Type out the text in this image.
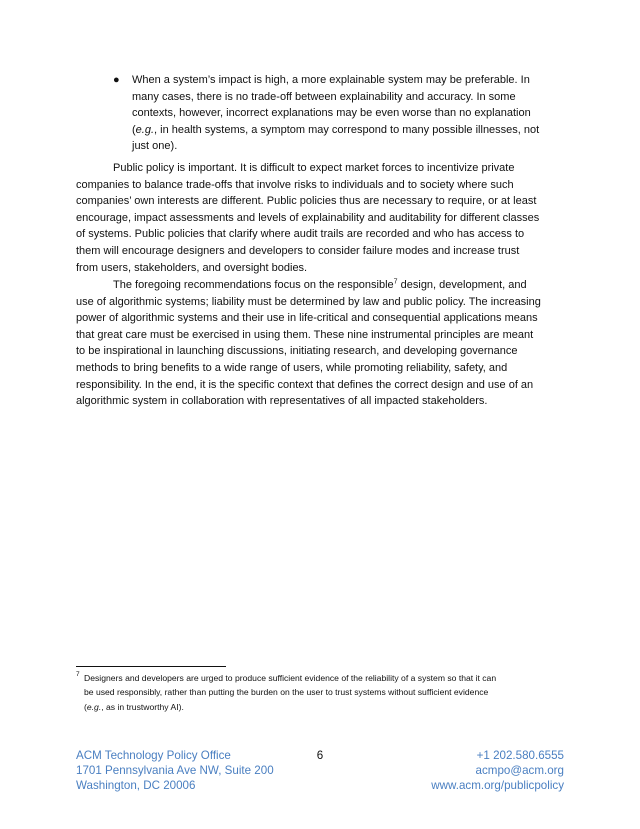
● When a system’s impact is high, a more explainable system may be preferable. In
many cases, there is no trade-off between explainability and accuracy. In some
contexts, however, incorrect explanations may be even worse than no explanation
(e.g., in health systems, a symptom may correspond to many possible illnesses, not
just one).

Public policy is important. It is difficult to expect market forces to incentivize private
companies to balance trade-offs that involve risks to individuals and to society where such
companies’ own interests are different. Public policies thus are necessary to require, or at least
encourage, impact assessments and levels of explainability and auditability for different classes
of systems. Public policies that clarify where audit trails are recorded and who has access to
them will encourage designers and developers to consider failure modes and increase trust
from users, stakeholders, and oversight bodies.

The foregoing recommendations focus on the responsible$^7$ design, development, and
use of algorithmic systems; liability must be determined by law and public policy. The increasing
power of algorithmic systems and their use in life-critical and consequential applications means
that great care must be exercised in using them. These nine instrumental principles are meant
to be inspirational in launching discussions, initiating research, and developing governance
methods to bring benefits to a wide range of users, while promoting reliability, safety, and
responsibility. In the end, it is the specific context that defines the correct design and use of an
algorithmic system in collaboration with representatives of all impacted stakeholders.

7 Designers and developers are urged to produce sufficient evidence of the reliability of a system so that it can
be used responsibly, rather than putting the burden on the user to trust systems without sufficient evidence
(e.g., as in trustworthy AI).
ACM Technology Policy Office
1701 Pennsylvania Ave NW, Suite 200
Washington, DC 20006
6	+1 202.580.6555
acmpo@acm.org
www.acm.org/publicpolicy
